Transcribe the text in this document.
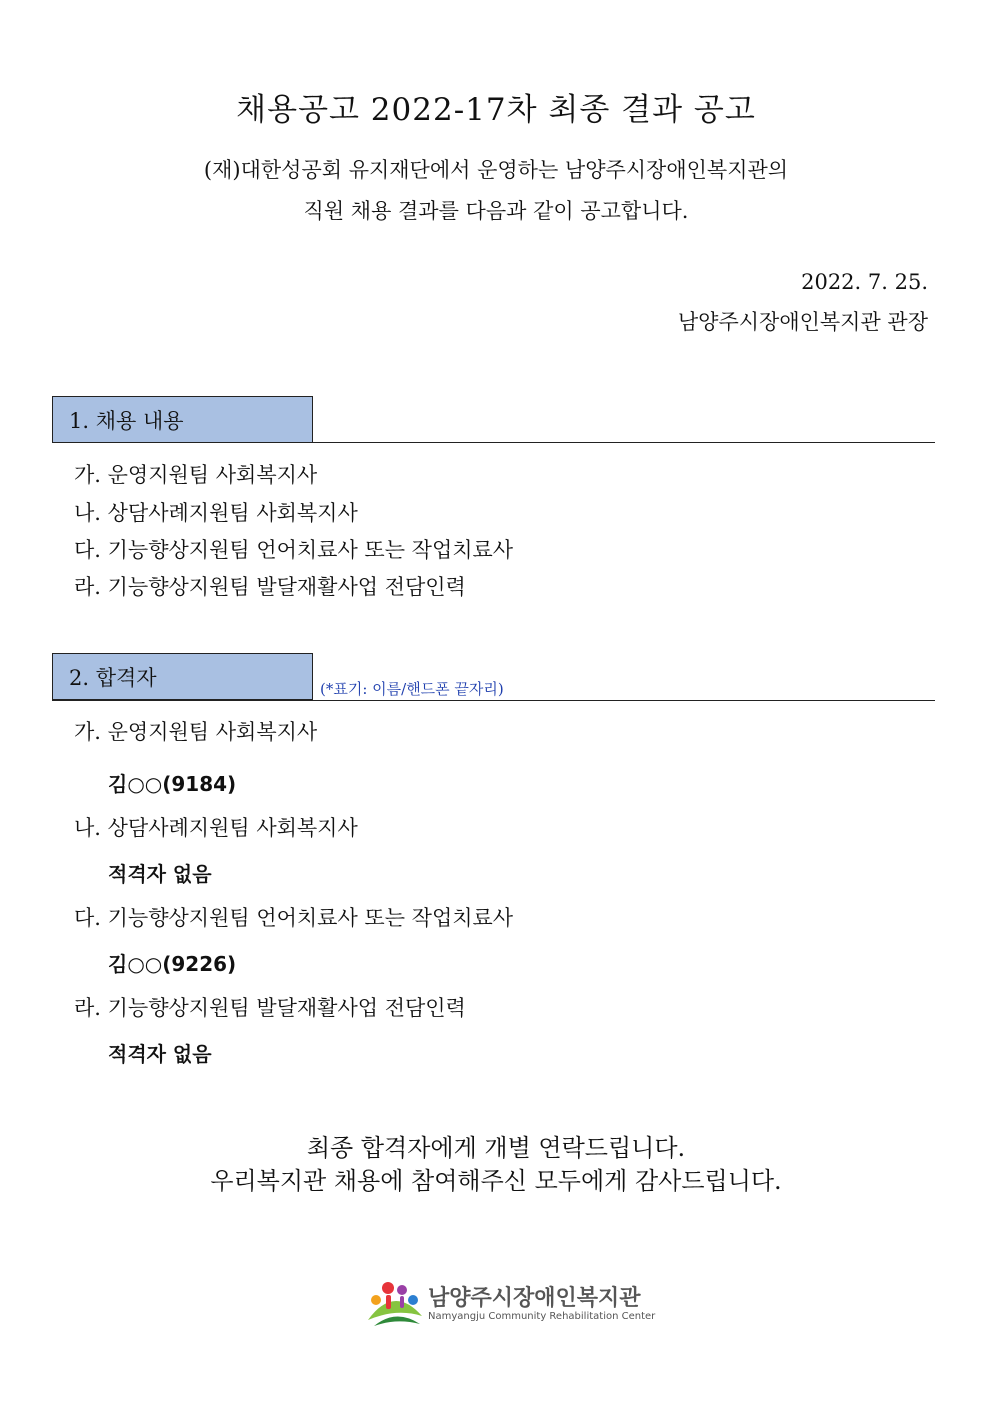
채용공고 2022-17차 최종 결과 공고
(재)대한성공회 유지재단에서 운영하는 남양주시장애인복지관의
직원 채용 결과를 다음과 같이 공고합니다.
2022. 7. 25.
남양주시장애인복지관 관장
1. 채용 내용
가. 운영지원팀 사회복지사
나. 상담사례지원팀 사회복지사
다. 기능향상지원팀 언어치료사 또는 작업치료사
라. 기능향상지원팀 발달재활사업 전담인력
2. 합격자	(*표기: 이름/핸드폰 끝자리)
가. 운영지원팀 사회복지사
김○○(9184)
나. 상담사례지원팀 사회복지사
적격자 없음
다. 기능향상지원팀 언어치료사 또는 작업치료사
김○○(9226)
라. 기능향상지원팀 발달재활사업 전담인력
적격자 없음
최종 합격자에게 개별 연락드립니다.
우리복지관 채용에 참여해주신 모두에게 감사드립니다.
남양주시장애인복지관
Namyangju Community Rehabilitation Center
